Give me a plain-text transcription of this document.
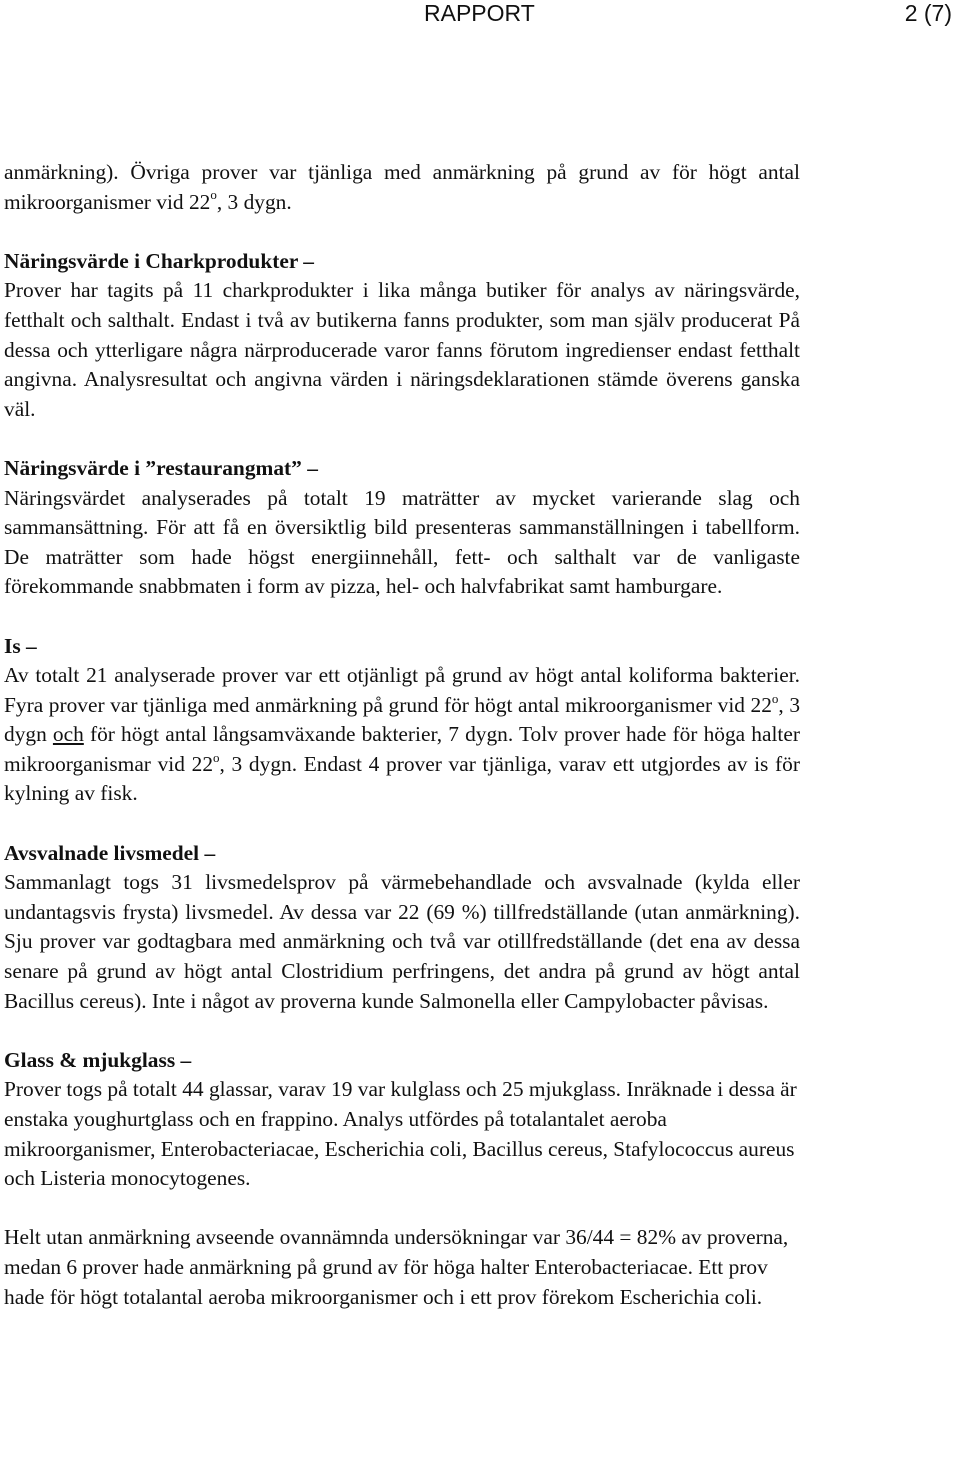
RAPPORT	2 (7)

anmärkning). Övriga prover var tjänliga med anmärkning på grund av för högt antal mikroorganismer vid 22$^o$, 3 dygn.

Näringsvärde i Charkprodukter –
Prover har tagits på 11 charkprodukter i lika många butiker för analys av näringsvärde, fetthalt och salthalt. Endast i två av butikerna fanns produkter, som man själv producerat På dessa och ytterligare några närproducerade varor fanns förutom ingredienser endast fetthalt angivna. Analysresultat och angivna värden i näringsdeklarationen stämde överens ganska väl.

Näringsvärde i ”restaurangmat” –
Näringsvärdet analyserades på totalt 19 maträtter av mycket varierande slag och sammansättning. För att få en översiktlig bild presenteras sammanställningen i tabellform. De maträtter som hade högst energiinnehåll, fett- och salthalt var de vanligaste förekommande snabbmaten i form av pizza, hel- och halvfabrikat samt hamburgare.

Is –
Av totalt 21 analyserade prover var ett otjänligt på grund av högt antal koliforma bakterier. Fyra prover var tjänliga med anmärkning på grund för högt antal mikroorganismer vid 22$^o$, 3 dygn och för högt antal långsamväxande bakterier, 7 dygn. Tolv prover hade för höga halter mikroorganismar vid 22$^o$, 3 dygn. Endast 4 prover var tjänliga, varav ett utgjordes av is för kylning av fisk.

Avsvalnade livsmedel –
Sammanlagt togs 31 livsmedelsprov på värmebehandlade och avsvalnade (kylda eller undantagsvis frysta) livsmedel. Av dessa var 22 (69 %) tillfredställande (utan anmärkning). Sju prover var godtagbara med anmärkning och två var otillfredställande (det ena av dessa senare på grund av högt antal Clostridium perfringens, det andra på grund av högt antal Bacillus cereus). Inte i något av proverna kunde Salmonella eller Campylobacter påvisas.

Glass & mjukglass –
Prover togs på totalt 44 glassar, varav 19 var kulglass och 25 mjukglass. Inräknade i dessa är enstaka youghurtglass och en frappino. Analys utfördes på totalantalet aeroba mikroorganismer, Enterobacteriacae, Escherichia coli, Bacillus cereus, Stafylococcus aureus och Listeria monocytogenes.

Helt utan anmärkning avseende ovannämnda undersökningar var 36/44 = 82% av proverna, medan 6 prover hade anmärkning på grund av för höga halter Enterobacteriacae. Ett prov hade för högt totalantal aeroba mikroorganismer och i ett prov förekom Escherichia coli.
